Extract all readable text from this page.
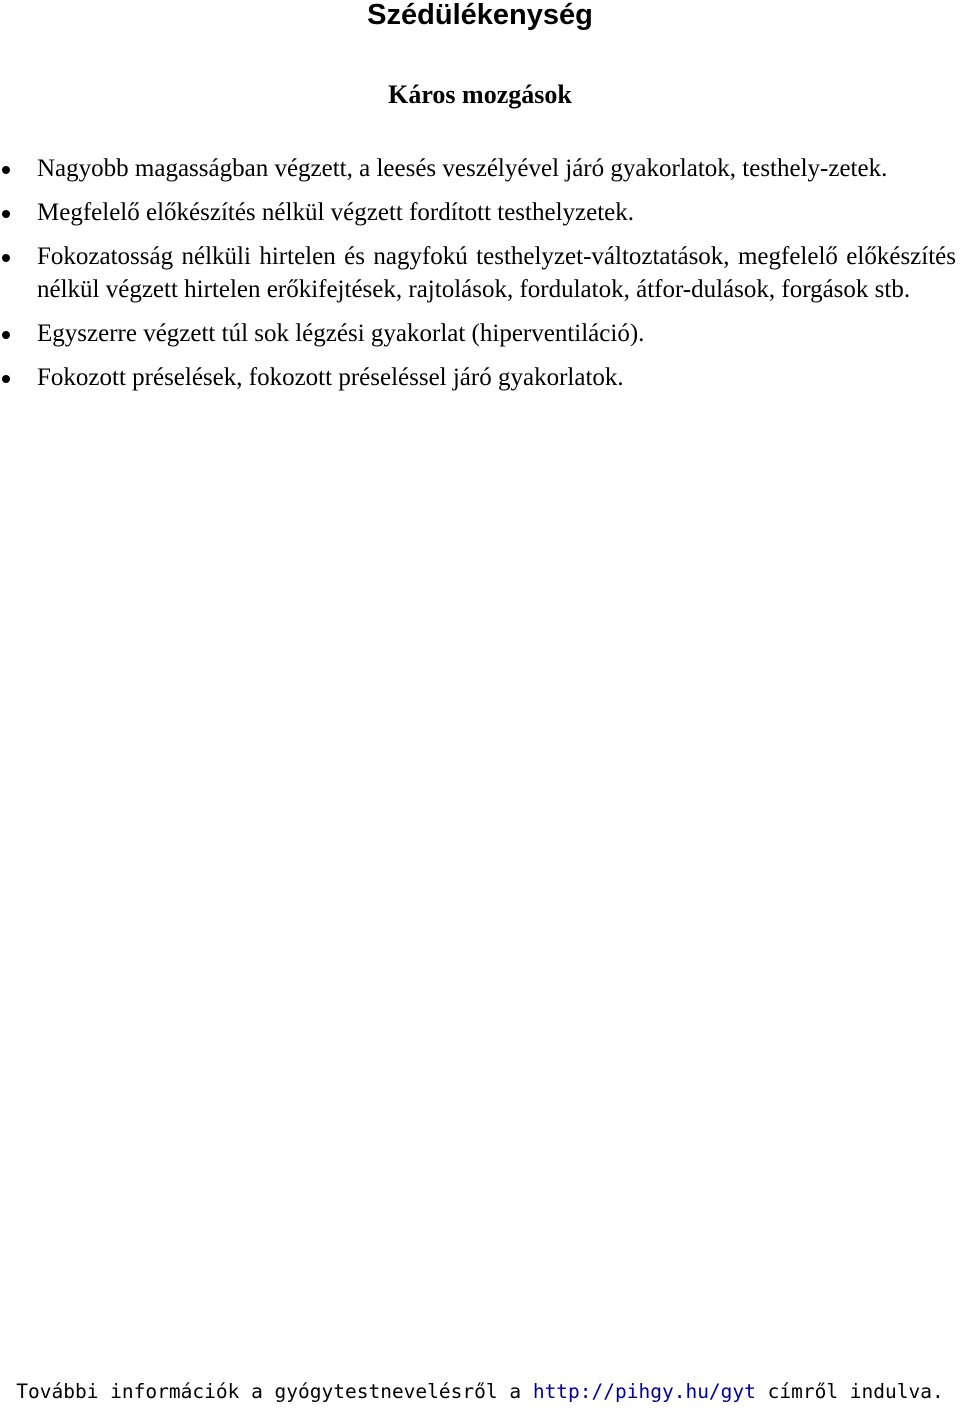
Szédülékenység
Káros mozgások
Nagyobb magasságban végzett, a leesés veszélyével járó gyakorlatok, testhely-zetek.
Megfelelő előkészítés nélkül végzett fordított testhelyzetek.
Fokozatosság nélküli hirtelen és nagyfokú testhelyzet-változtatások, megfelelő előkészítés nélkül végzett hirtelen erőkifejtések, rajtolások, fordulatok, átfor-dulások, forgások stb.
Egyszerre végzett túl sok légzési gyakorlat (hiperventiláció).
Fokozott préselések, fokozott préseléssel járó gyakorlatok.

További információk a gyógytestnevelésről a http://pihgy.hu/gyt címről indulva.
